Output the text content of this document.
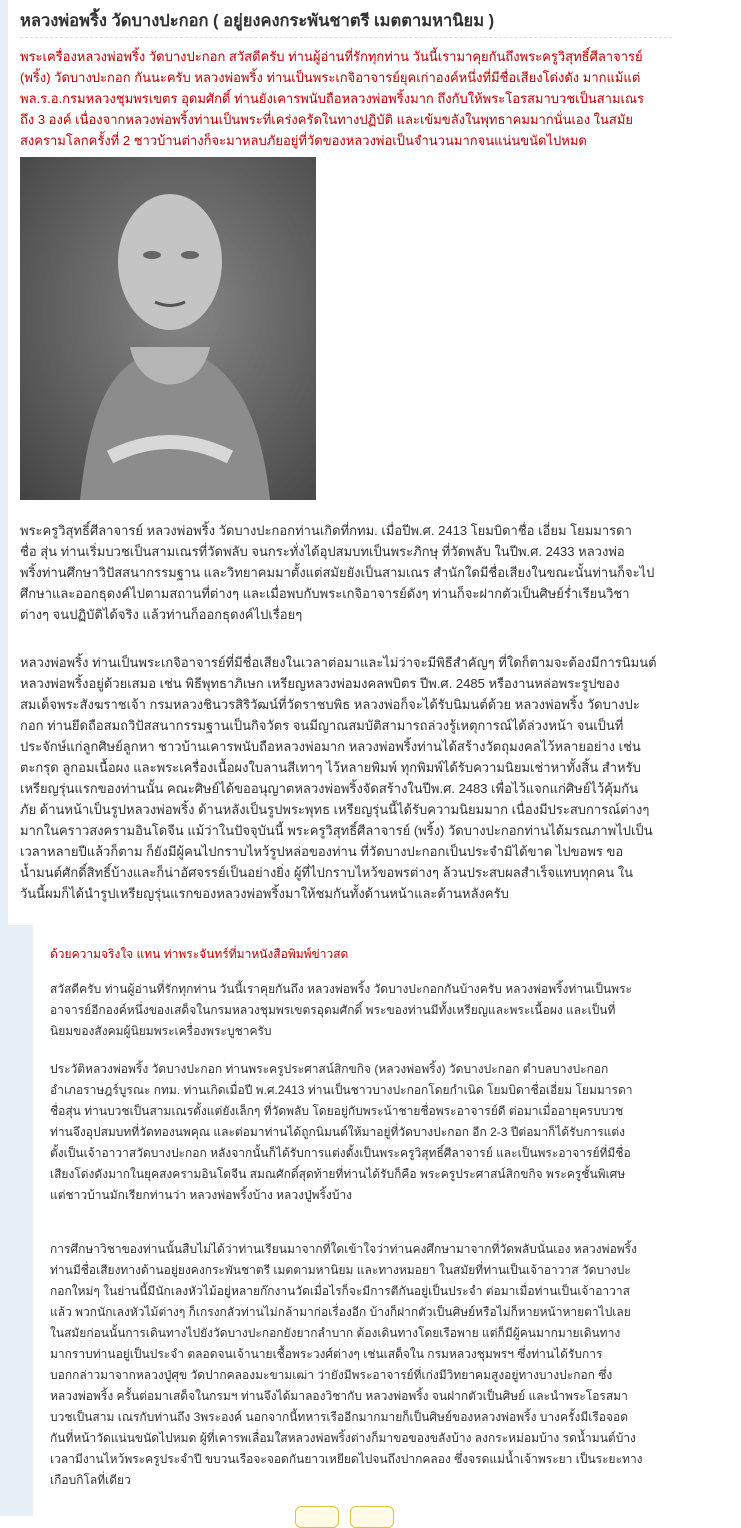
หลวงพ่อพริ้ง วัดบางปะกอก ( อยู่ยงคงกระพันชาตรี เมตตามหานิยม )
พระเครื่องหลวงพ่อพริ้ง วัดบางปะกอก สวัสดีครับ ท่านผู้อ่านที่รักทุกท่าน วันนี้เรามาคุยกันถึงพระครูวิสุทธิ์ศีลาจารย์
(พริ้ง) วัดบางปะกอก กันนะครับ หลวงพ่อพริ้ง ท่านเป็นพระเกจิอาจารย์ยุคเก่าองค์หนึ่งที่มีชื่อเสียงโด่งดัง มากแม้แต่
พล.ร.อ.กรมหลวงชุมพรเขตร อุดมศักดิ์ ท่านยังเคารพนับถือหลวงพ่อพริ้งมาก ถึงกับให้พระโอรสมาบวชเป็นสามเณร
ถึง 3 องค์ เนื่องจากหลวงพ่อพริ้งท่านเป็นพระที่เคร่งครัดในทางปฏิบัติ และเข้มขลังในพุทธาคมมากนั่นเอง ในสมัย
สงครามโลกครั้งที่ 2 ชาวบ้านต่างก็จะมาหลบภัยอยู่ที่วัดของหลวงพ่อเป็นจำนวนมากจนแน่นขนัดไปหมด
พระครูวิสุทธิ์ศีลาจารย์ หลวงพ่อพริ้ง วัดบางปะกอกท่านเกิดที่กทม. เมื่อปีพ.ศ. 2413 โยมบิดาชื่อ เอี่ยม โยมมารดา
ชื่อ สุ่น ท่านเริ่มบวชเป็นสามเณรที่วัดพลับ จนกระทั่งได้อุปสมบทเป็นพระภิกษุ ที่วัดพลับ ในปีพ.ศ. 2433 หลวงพ่อ
พริ้งท่านศึกษาวิปัสสนากรรมฐาน และวิทยาคมมาตั้งแต่สมัยยังเป็นสามเณร สำนักใดมีชื่อเสียงในขณะนั้นท่านก็จะไป
ศึกษาและออกธุดงค์ไปตามสถานที่ต่างๆ และเมื่อพบกับพระเกจิอาจารย์ดังๆ ท่านก็จะฝากตัวเป็นศิษย์ร่ำเรียนวิชา
ต่างๆ จนปฏิบัติได้จริง แล้วท่านก็ออกธุดงค์ไปเรื่อยๆ
หลวงพ่อพริ้ง ท่านเป็นพระเกจิอาจารย์ที่มีชื่อเสียงในเวลาต่อมาและไม่ว่าจะมีพิธีสำคัญๆ ที่ใดก็ตามจะต้องมีการนิมนต์
หลวงพ่อพริ้งอยู่ด้วยเสมอ เช่น พิธีพุทธาภิเษก เหรียญหลวงพ่อมงคลพบิตร ปีพ.ศ. 2485 หรืองานหล่อพระรูปของ
สมเด็จพระสังฆราชเจ้า กรมหลวงชินวรสิริวัฒน์ที่วัดราชบพิธ หลวงพ่อก็จะได้รับนิมนต์ด้วย หลวงพ่อพริ้ง วัดบางปะ
กอก ท่านยึดถือสมถวิปัสสนากรรมฐานเป็นกิจวัตร จนมีญาณสมบัติสามารถล่วงรู้เหตุการณ์ได้ล่วงหน้า จนเป็นที่
ประจักษ์แก่ลูกศิษย์ลูกหา ชาวบ้านเคารพนับถือหลวงพ่อมาก หลวงพ่อพริ้งท่านได้สร้างวัตถุมงคลไว้หลายอย่าง เช่น
ตะกรุด ลูกอมเนื้อผง และพระเครื่องเนื้อผงใบลานสีเทาๆ ไว้หลายพิมพ์ ทุกพิมพ์ได้รับความนิยมเช่าหาทั้งสิ้น สำหรับ
เหรียญรุ่นแรกของท่านนั้น คณะศิษย์ได้ขออนุญาตหลวงพ่อพริ้งจัดสร้างในปีพ.ศ. 2483 เพื่อไว้แจกแก่ศิษย์ไว้คุ้มกัน
ภัย ด้านหน้าเป็นรูปหลวงพ่อพริ้ง ด้านหลังเป็นรูปพระพุทธ เหรียญรุ่นนี้ได้รับความนิยมมาก เนื่องมีประสบการณ์ต่างๆ
มากในคราวสงครามอินโดจีน แม้ว่าในปัจจุบันนี้ พระครูวิสุทธิ์ศีลาจารย์ (พริ้ง) วัดบางปะกอกท่านได้มรณภาพไปเป็น
เวลาหลายปีแล้วก็ตาม ก็ยังมีผู้คนไปกราบไหว้รูปหล่อของท่าน ที่วัดบางปะกอกเป็นประจำมิได้ขาด ไปขอพร ขอ
น้ำมนต์ศักดิ์สิทธิ์บ้างและก็น่าอัศจรรย์เป็นอย่างยิ่ง ผู้ที่ไปกราบไหว้ขอพรต่างๆ ล้วนประสบผลสำเร็จแทบทุกคน ใน
วันนี้ผมก็ได้นำรูปเหรียญรุ่นแรกของหลวงพ่อพริ้งมาให้ชมกันทั้งด้านหน้าและด้านหลังครับ
ด้วยความจริงใจ แทน ท่าพระจันทร์ที่มาหนังสือพิมพ์ข่าวสด
สวัสดีครับ ท่านผู้อ่านที่รักทุกท่าน วันนี้เราคุยกันถึง หลวงพ่อพริ้ง วัดบางปะกอกกันบ้างครับ หลวงพ่อพริ้งท่านเป็นพระ
อาจารย์อีกองค์หนึ่งของเสด็จในกรมหลวงชุมพรเขตรอุดมศักดิ์ พระของท่านมีทั้งเหรียญและพระเนื้อผง และเป็นที่
นิยมของสังคมผู้นิยมพระเครื่องพระบูชาครับ
ประวัติหลวงพ่อพริ้ง วัดบางปะกอก ท่านพระครูประศาสน์สิกขกิจ (หลวงพ่อพริ้ง) วัดบางปะกอก ตำบลบางปะกอก
อำเภอราษฎร์บูรณะ กทม. ท่านเกิดเมื่อปี พ.ศ.2413 ท่านเป็นชาวบางปะกอกโดยกำเนิด โยมบิดาชื่อเอี่ยม โยมมารดา
ชื่อสุ่น ท่านบวชเป็นสามเณรตั้งแต่ยังเล็กๆ ที่วัดพลับ โดยอยู่กับพระน้าชายชื่อพระอาจารย์ดี ต่อมาเมื่ออายุครบบวช
ท่านจึงอุปสมบทที่วัดทองนพคุณ และต่อมาท่านได้ถูกนิมนต์ให้มาอยู่ที่วัดบางปะกอก อีก 2-3 ปีต่อมาก็ได้รับการแต่ง
ตั้งเป็นเจ้าอาวาสวัดบางปะกอก หลังจากนั้นก็ได้รับการแต่งตั้งเป็นพระครูวิสุทธิ์ศีลาจารย์ และเป็นพระอาจารย์ที่มีชื่อ
เสียงโด่งดังมากในยุคสงครามอินโดจีน สมณศักดิ์สุดท้ายที่ท่านได้รับก็คือ พระครูประศาสน์สิกขกิจ พระครูชั้นพิเศษ
แต่ชาวบ้านมักเรียกท่านว่า หลวงพ่อพริ้งบ้าง หลวงปู่พริ้งบ้าง
การศึกษาวิชาของท่านนั้นสืบไม่ได้ว่าท่านเรียนมาจากที่ใดเข้าใจว่าท่านคงศึกษามาจากที่วัดพลับนั่นเอง หลวงพ่อพริ้ง
ท่านมีชื่อเสียงทางด้านอยู่ยงคงกระพันชาตรี เมตตามหานิยม และทางหมอยา ในสมัยที่ท่านเป็นเจ้าอาวาส วัดบางปะ
กอกใหม่ๆ ในย่านนี้มีนักเลงหัวไม้อยู่หลายก๊กงานวัดเมื่อไรก็จะมีการตีกันอยู่เป็นประจำ ต่อมาเมื่อท่านเป็นเจ้าอาวาส
แล้ว พวกนักเลงหัวไม้ต่างๆ ก็เกรงกลัวท่านไม่กล้ามาก่อเรื่องอีก บ้างก็ฝากตัวเป็นศิษย์หรือไม่ก็หายหน้าหายตาไปเลย
ในสมัยก่อนนั้นการเดินทางไปยังวัดบางปะกอกยังยากลำบาก ต้องเดินทางโดยเรือพาย แต่ก็มีผู้คนมากมายเดินทาง
มากราบท่านอยู่เป็นประจำ ตลอดจนเจ้านายเชื้อพระวงศ์ต่างๆ เช่นเสด็จใน กรมหลวงชุมพรฯ ซึ่งท่านได้รับการ
บอกกล่าวมาจากหลวงปู่ศุข วัดปากคลองมะขามเฒ่า ว่ายังมีพระอาจารย์ที่เก่งมีวิทยาคมสูงอยู่ทางบางปะกอก ซึ่ง
หลวงพ่อพริ้ง ครั้นต่อมาเสด็จในกรมฯ ท่านจึงได้มาลองวิชากับ หลวงพ่อพริ้ง จนฝากตัวเป็นศิษย์ และนำพระโอรสมา
บวชเป็นสาม เณรกับท่านถึง 3พระองค์ นอกจากนี้ทหารเรืออีกมากมายก็เป็นศิษย์ของหลวงพ่อพริ้ง บางครั้งมีเรือจอด
กันที่หน้าวัดแน่นขนัดไปหมด ผู้ที่เคารพเลื่อมใสหลวงพ่อพริ้งต่างก็มาขอของขลังบ้าง ลงกระหม่อมบ้าง รดน้ำมนต์บ้าง
เวลามีงานไหว้พระครูประจำปี ขบวนเรือจะจอดกันยาวเหยียดไปจนถึงปากคลอง ซึ่งจรดแม่น้ำเจ้าพระยา เป็นระยะทาง
เกือบกิโลที่เดียว
